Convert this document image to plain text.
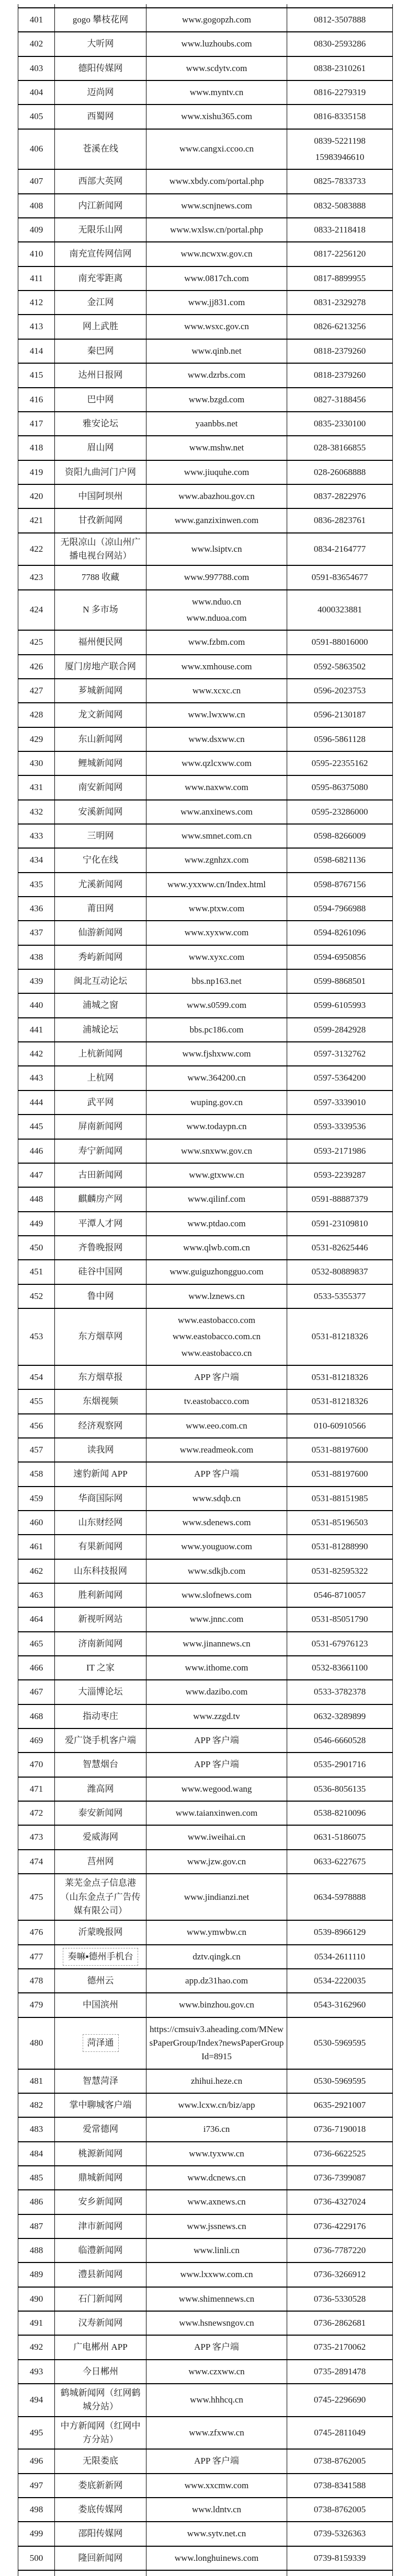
401	gogo 攀枝花网	www.gogopzh.com	0812-3507888

402	大听网	www.luzhoubs.com	0830-2593286

403	德阳传媒网	www.scdytv.com	0838-2310261

404	迈尚网	www.myntv.cn	0816-2279319

405	西蜀网	www.xishu365.com	0816-8335158

406	苍溪在线	www.cangxi.ccoo.cn	0839-5221198
15983946610

407	西部大英网	www.xbdy.com/portal.php	0825-7833733

408	内江新闻网	www.scnjnews.com	0832-5083888

409	无限乐山网	www.wxlsw.cn/portal.php	0833-2118418

410	南充宣传网信网	www.ncwxw.gov.cn	0817-2256120

411	南充零距离	www.0817ch.com	0817-8899955

412	金江网	www.jj831.com	0831-2329278

413	网上武胜	www.wsxc.gov.cn	0826-6213256

414	秦巴网	www.qinb.net	0818-2379260

415	达州日报网	www.dzrbs.com	0818-2379260

416	巴中网	www.bzgd.com	0827-3188456

417	雅安论坛	yaanbbs.net	0835-2330100

418	眉山网	www.mshw.net	028-38166855

419	资阳九曲河门户网	www.jiuquhe.com	028-26068888

420	中国阿坝州	www.abazhou.gov.cn	0837-2822976

421	甘孜新闻网	www.ganzixinwen.com	0836-2823761

422	无限凉山（凉山州广播电视台网站）	www.lsiptv.cn	0834-2164777

423	7788 收藏	www.997788.com	0591-83654677

424	N 多市场	www.nduo.cn
www.nduoa.com	4000323881

425	福州便民网	www.fzbm.com	0591-88016000

426	厦门房地产联合网	www.xmhouse.com	0592-5863502

427	芗城新闻网	www.xcxc.cn	0596-2023753

428	龙文新闻网	www.lwxww.cn	0596-2130187

429	东山新闻网	www.dsxww.cn	0596-5861128

430	鲤城新闻网	www.qzlcxww.com	0595-22355162

431	南安新闻网	www.naxww.com	0595-86375080

432	安溪新闻网	www.anxinews.com	0595-23286000

433	三明网	www.smnet.com.cn	0598-8266009

434	宁化在线	www.zgnhzx.com	0598-6821136

435	尤溪新闻网	www.yxxww.cn/Index.html	0598-8767156

436	莆田网	www.ptxw.com	0594-7966988

437	仙游新闻网	www.xyxww.com	0594-8261096

438	秀屿新闻网	www.xyxc.com	0594-6950856

439	闽北互动论坛	bbs.np163.net	0599-8868501

440	浦城之窗	www.s0599.com	0599-6105993

441	浦城论坛	bbs.pc186.com	0599-2842928

442	上杭新闻网	www.fjshxww.com	0597-3132762

443	上杭网	www.364200.cn	0597-5364200

444	武平网	wuping.gov.cn	0597-3339010

445	屏南新闻网	www.todaypn.cn	0593-3339536

446	寿宁新闻网	www.snxww.gov.cn	0593-2171986

447	古田新闻网	www.gtxww.cn	0593-2239287

448	麒麟房产网	www.qilinf.com	0591-88887379

449	平潭人才网	www.ptdao.com	0591-23109810

450	齐鲁晚报网	www.qlwb.com.cn	0531-82625446

451	硅谷中国网	www.guiguzhongguo.com	0532-80889837

452	鲁中网	www.lznews.cn	0533-5355377

453	东方烟草网	www.eastobacco.com
www.eastobacco.com.cn
www.eastobacco.cn	0531-81218326

454	东方烟草报	APP 客户端	0531-81218326

455	东烟视频	tv.eastobacco.com	0531-81218326

456	经济观察网	www.eeo.com.cn	010-60910566

457	读我网	www.readmeok.com	0531-88197600

458	速豹新闻 APP	APP 客户端	0531-88197600

459	华商国际网	www.sdqb.cn	0531-88151985

460	山东财经网	www.sdenews.com	0531-85196503

461	有果新闻网	www.youguow.com	0531-81288990

462	山东科技报网	www.sdkjb.com	0531-82595322

463	胜利新闻网	www.slofnews.com	0546-8710057

464	新视听网站	www.jnnc.com	0531-85051790

465	济南新闻网	www.jinannews.cn	0531-67976123

466	IT 之家	www.ithome.com	0532-83661100

467	大淄博论坛	www.dazibo.com	0533-3782378

468	指动枣庄	www.zzgd.tv	0632-3289899

469	爱广饶手机客户端	APP 客户端	0546-6660528

470	智慧烟台	APP 客户端	0535-2901716

471	潍高网	www.wegood.wang	0536-8056135

472	泰安新闻网	www.taianxinwen.com	0538-8210096

473	爱威海网	www.iweihai.cn	0631-5186075

474	莒州网	www.jzw.gov.cn	0633-6227675

475	莱芜金点子信息港（山东金点子广告传媒有限公司）	www.jindianzi.net	0634-5978888

476	沂蒙晚报网	www.ymwbw.cn	0539-8966129

477	奏嘛▪德州手机台	dztv.qingk.cn	0534-2611110

478	德州云	app.dz31hao.com	0534-2220035

479	中国滨州	www.binzhou.gov.cn	0543-3162960

480	菏泽通	https://cmsuiv3.aheading.com/MNewsPaperGroup/Index?newsPaperGroupId=8915	0530-5969595

481	智慧菏泽	zhihui.heze.cn	0530-5969595

482	掌中聊城客户端	www.lcxw.cn/biz/app	0635-2921007

483	爱常德网	i736.cn	0736-7190018

484	桃源新闻网	www.tyxww.cn	0736-6622525

485	鼎城新闻网	www.dcnews.cn	0736-7399087

486	安乡新闻网	www.axnews.cn	0736-4327024

487	津市新闻网	www.jssnews.cn	0736-4229176

488	临澧新闻网	www.linli.cn	0736-7787220

489	澧县新闻网	www.lxxww.com.cn	0736-3266912

490	石门新闻网	www.shimennews.cn	0736-5330528

491	汉寿新闻网	www.hsnewsngov.cn	0736-2862681

492	广电郴州 APP	APP 客户端	0735-2170062

493	今日郴州	www.czxww.cn	0735-2891478

494	鹤城新闻网（红网鹤城分站）	www.hhhcq.cn	0745-2296690

495	中方新闻网（红网中方分站）	www.zfxww.cn	0745-2811049

496	无限娄底	APP 客户端	0738-8762005

497	娄底新新网	www.xxcmw.com	0738-8341588

498	娄底传媒网	www.ldntv.cn	0738-8762005

499	邵阳传媒网	www.sytv.net.cn	0739-5326363

500	隆回新闻网	www.longhuinews.com	0739-8159339
